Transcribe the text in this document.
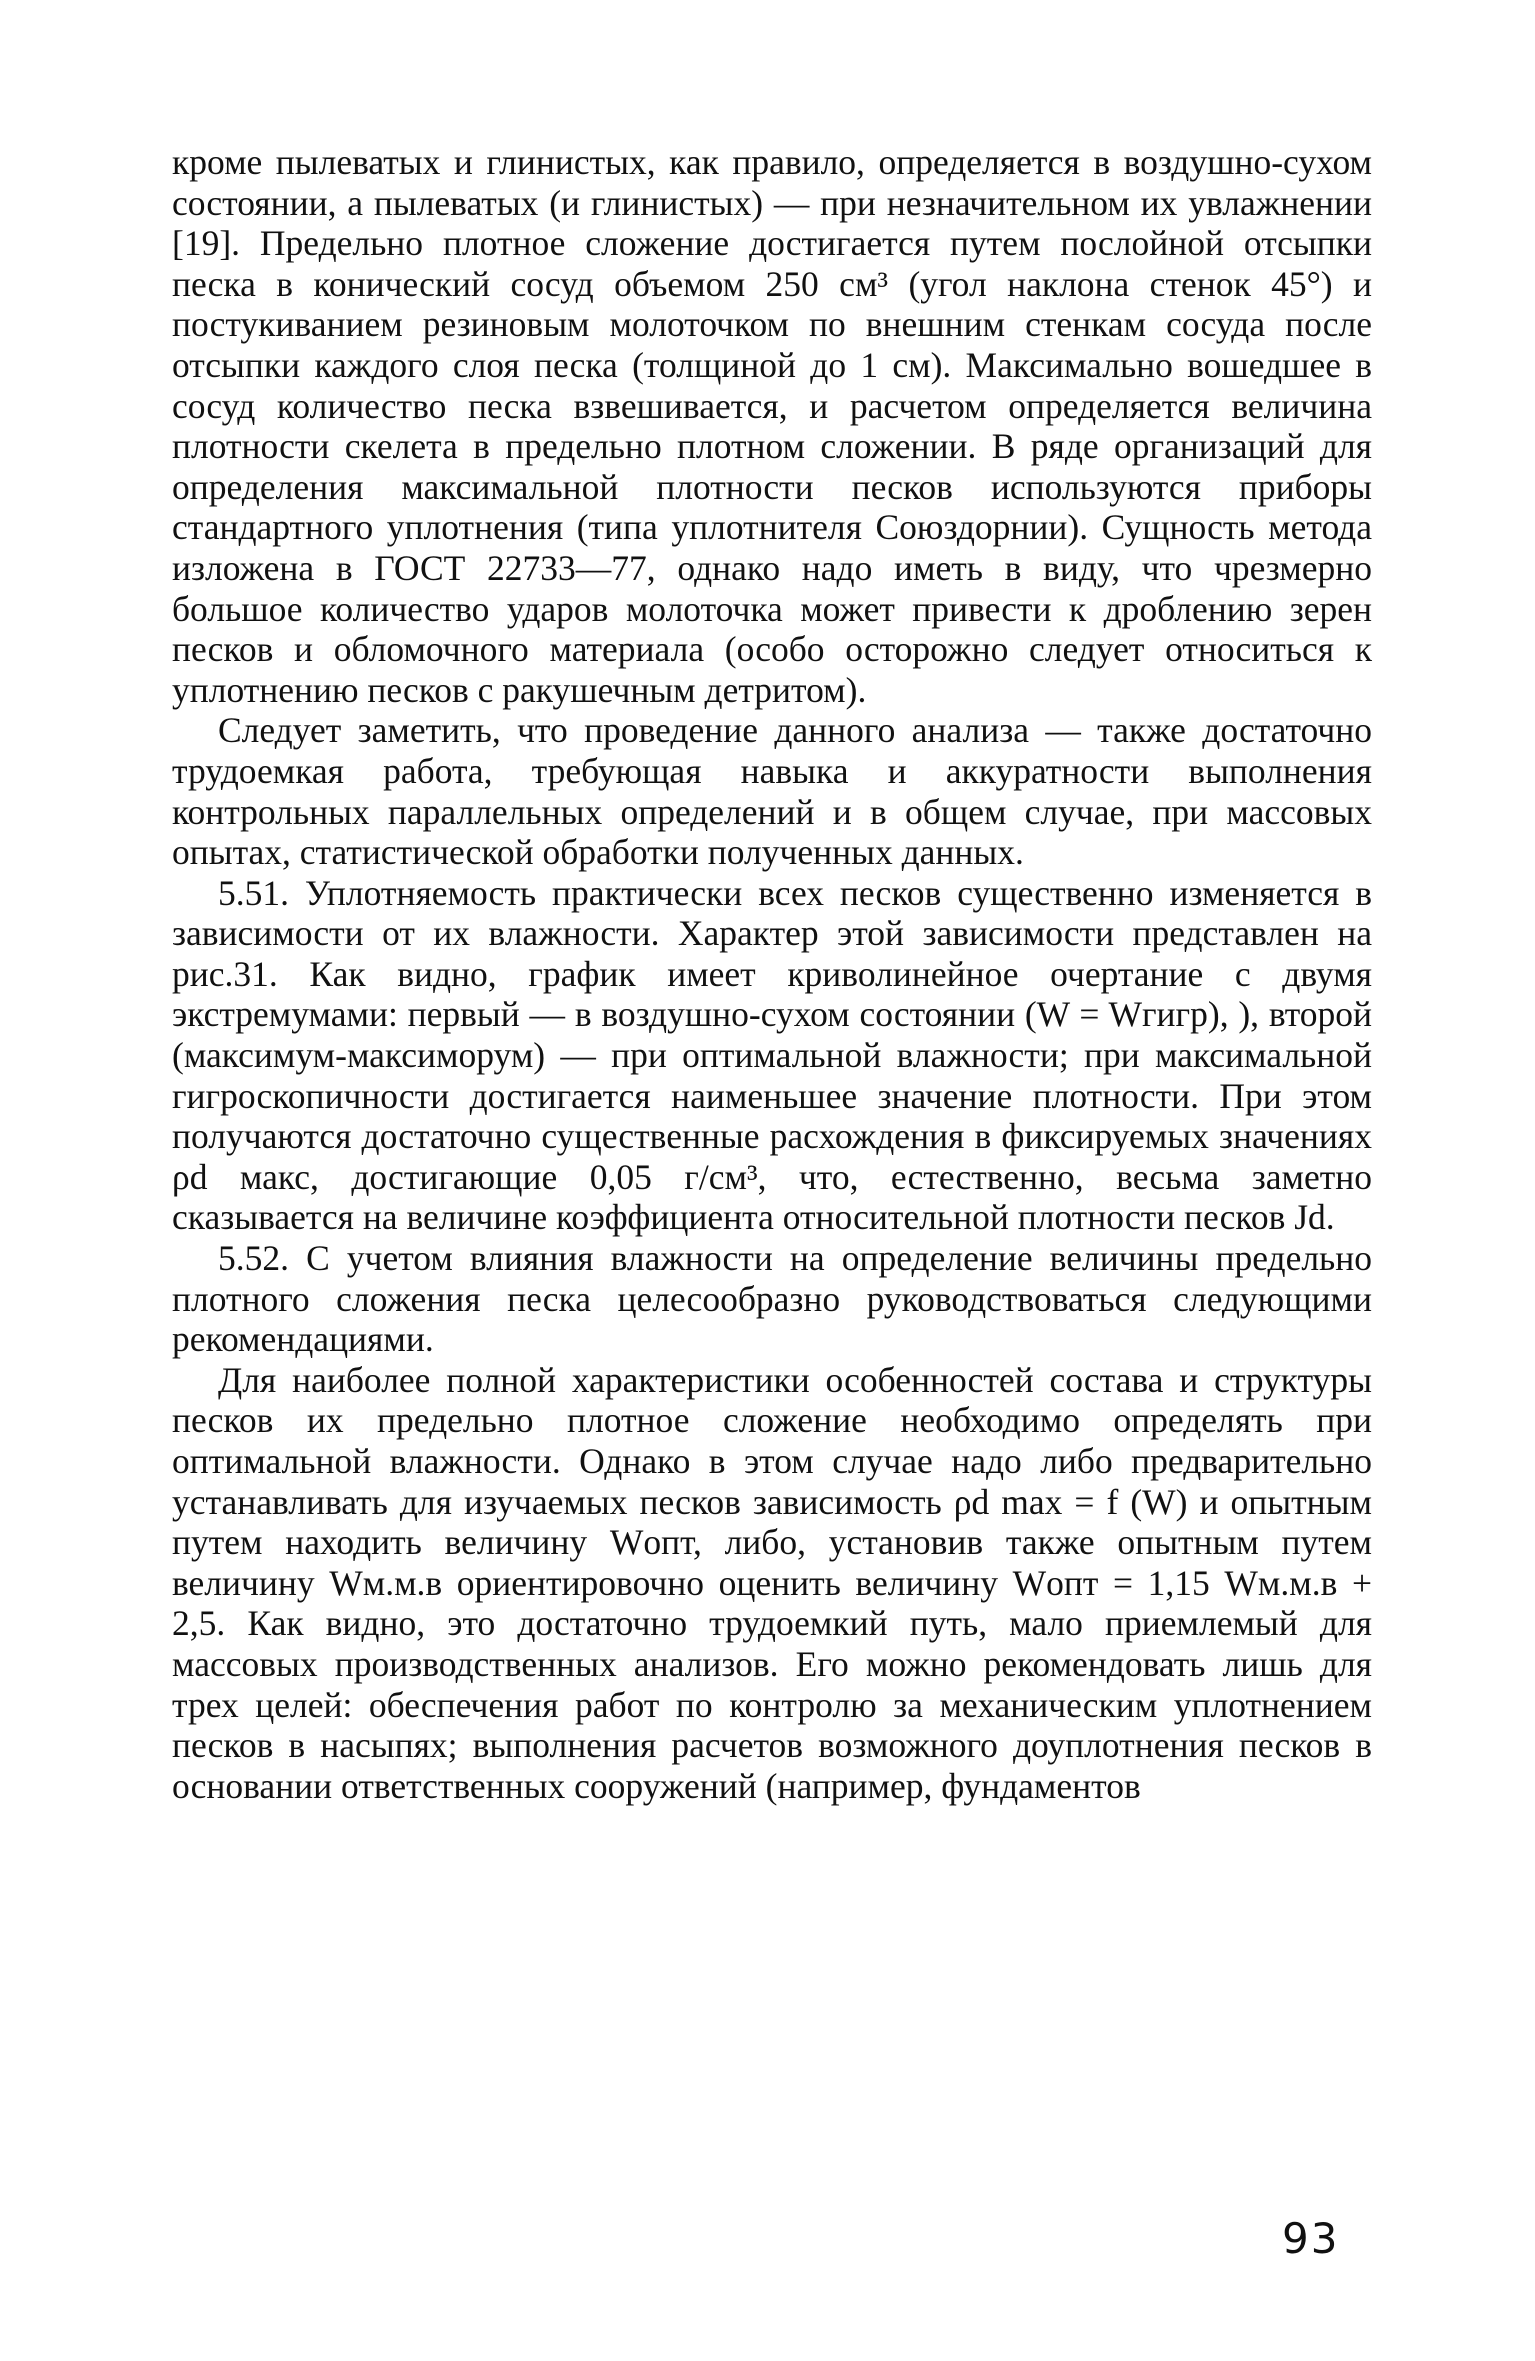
кроме пылеватых и глинистых, как правило, определяется в воздушно-сухом состоянии, а пылеватых (и глинистых) — при незначительном их увлажнении [19]. Предельно плотное сложение достигается путем послойной отсыпки песка в конический сосуд объемом 250 см³ (угол наклона стенок 45°) и постукиванием резиновым молоточком по внешним стенкам сосуда после отсыпки каждого слоя песка (толщиной до 1 см). Максимально вошедшее в сосуд количество песка взвешивается, и расчетом определяется величина плотности скелета в предельно плотном сложении. В ряде организаций для определения максимальной плотности песков используются приборы стандартного уплотнения (типа уплотнителя Союздорнии). Сущность метода изложена в ГОСТ 22733—77, однако надо иметь в виду, что чрезмерно большое количество ударов молоточка может привести к дроблению зерен песков и обломочного материала (особо осторожно следует относиться к уплотнению песков с ракушечным детритом).

Следует заметить, что проведение данного анализа — также достаточно трудоемкая работа, требующая навыка и аккуратности выполнения контрольных параллельных определений и в общем случае, при массовых опытах, статистической обработки полученных данных.

5.51. Уплотняемость практически всех песков существенно изменяется в зависимости от их влажности. Характер этой зависимости представлен на рис.31. Как видно, график имеет криволинейное очертание с двумя экстремумами: первый — в воздушно-сухом состоянии (W = Wгигр), ), второй (максимум-максиморум) — при оптимальной влажности; при максимальной гигроскопичности достигается наименьшее значение плотности. При этом получаются достаточно существенные расхождения в фиксируемых значениях ρd макс, достигающие 0,05 г/см³, что, естественно, весьма заметно сказывается на величине коэффициента относительной плотности песков Jd.

5.52. С учетом влияния влажности на определение величины предельно плотного сложения песка целесообразно руководствоваться следующими рекомендациями.

Для наиболее полной характеристики особенностей состава и структуры песков их предельно плотное сложение необходимо определять при оптимальной влажности. Однако в этом случае надо либо предварительно устанавливать для изучаемых песков зависимость ρd max = f (W) и опытным путем находить величину Wопт, либо, установив также опытным путем величину Wм.м.в ориентировочно оценить величину Wопт = 1,15 Wм.м.в + 2,5. Как видно, это достаточно трудоемкий путь, мало приемлемый для массовых производственных анализов. Его можно рекомендовать лишь для трех целей: обеспечения работ по контролю за механическим уплотнением песков в насыпях; выполнения расчетов возможного доуплотнения песков в основании ответственных сооружений (например, фундаментов

93
